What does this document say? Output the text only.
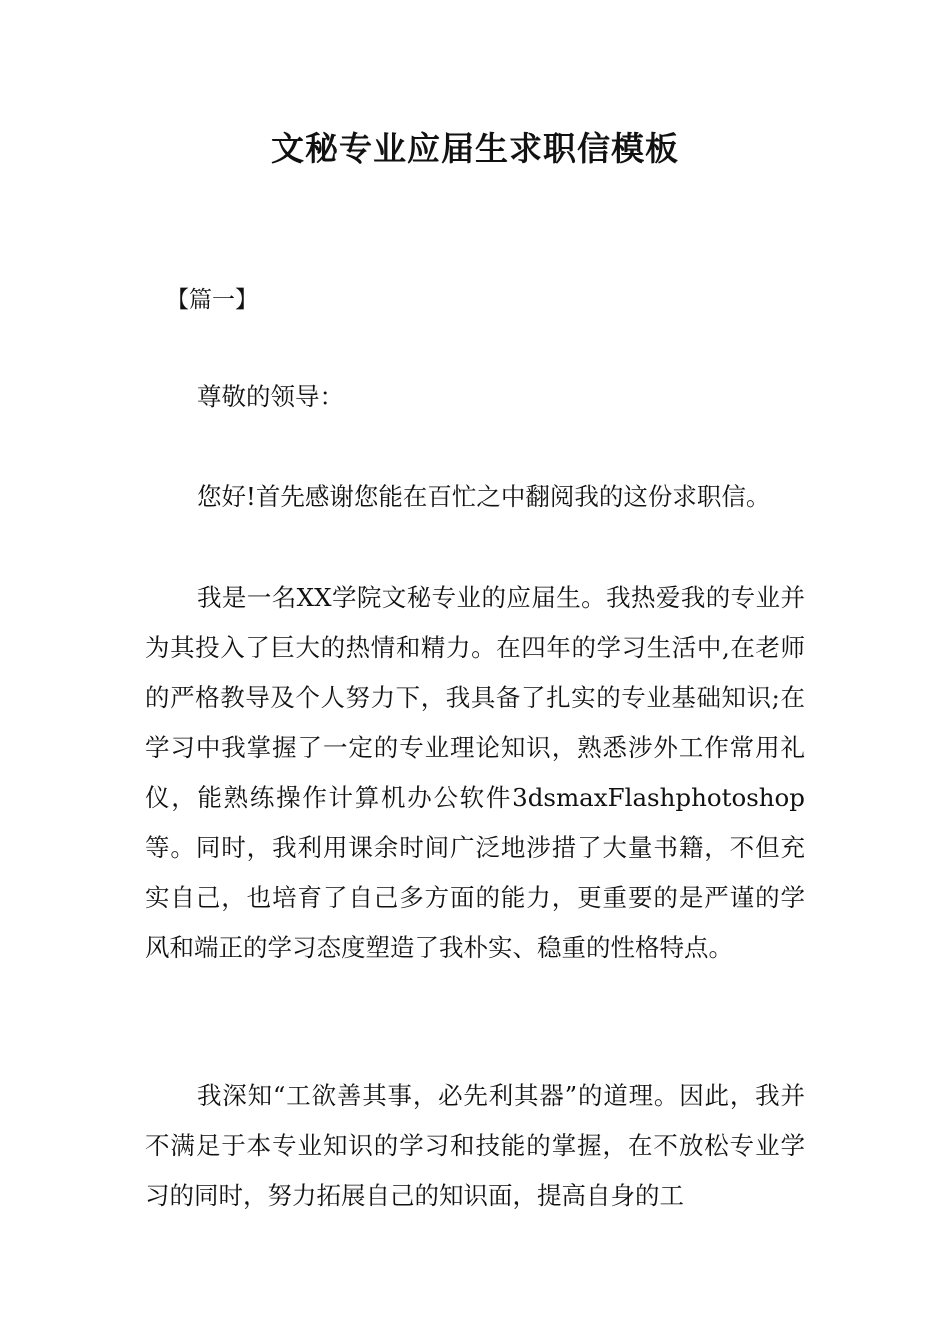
文秘专业应届生求职信模板

【篇一】

尊敬的领导：

您好!首先感谢您能在百忙之中翻阅我的这份求职信。

我是一名XX学院文秘专业的应届生。我热爱我的专业并为其投入了巨大的热情和精力。在四年的学习生活中,在老师的严格教导及个人努力下，我具备了扎实的专业基础知识;在学习中我掌握了一定的专业理论知识，熟悉涉外工作常用礼仪，能熟练操作计算机办公软件3dsmaxFlashphotoshop等。同时，我利用课余时间广泛地涉措了大量书籍，不但充实自己，也培育了自己多方面的能力，更重要的是严谨的学风和端正的学习态度塑造了我朴实、稳重的性格特点。

我深知“工欲善其事，必先利其器”的道理。因此，我并不满足于本专业知识的学习和技能的掌握，在不放松专业学习的同时，努力拓展自己的知识面，提高自身的工
